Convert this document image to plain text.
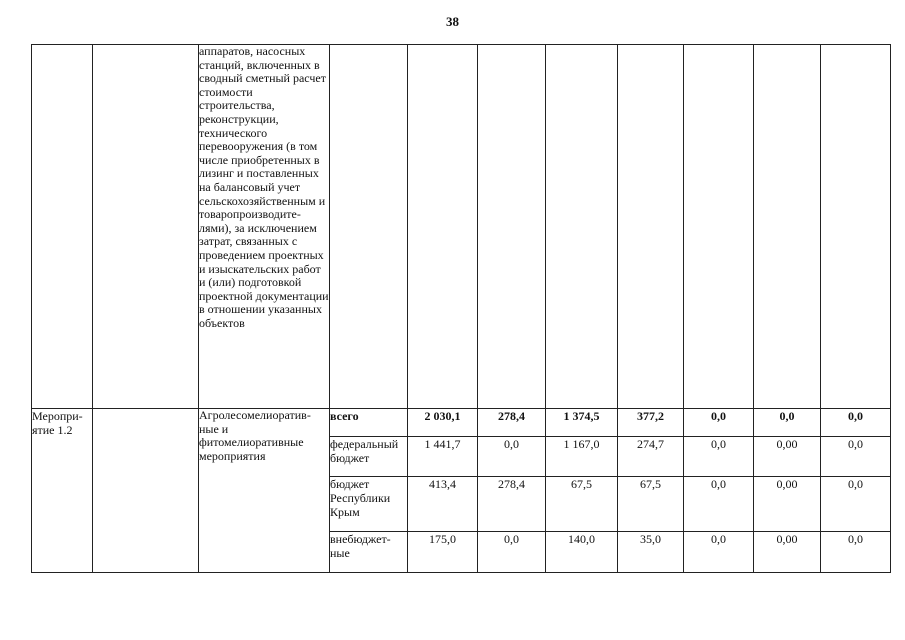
38
		аппаратов, насосных станций, включенных в сводный сметный расчет стоимости строительства, реконструкции, технического перевооружения (в том числе приобретенных в лизинг и поставленных на балансовый учет сельскохозяйственным и товаропроизводите-лями), за исключением затрат, связанных с проведением проектных и изыскательских работ и (или) подготовкой проектной документации в отношении указанных объектов								
Меропри-ятие 1.2		Агролесомелиоратив-ные и фитомелиоративные мероприятия	всего	2 030,1	278,4	1 374,5	377,2	0,0	0,0	0,0
			федеральный бюджет	1 441,7	0,0	1 167,0	274,7	0,0	0,00	0,0
			бюджет Республики Крым	413,4	278,4	67,5	67,5	0,0	0,00	0,0
			внебюджет-ные	175,0	0,0	140,0	35,0	0,0	0,00	0,0
